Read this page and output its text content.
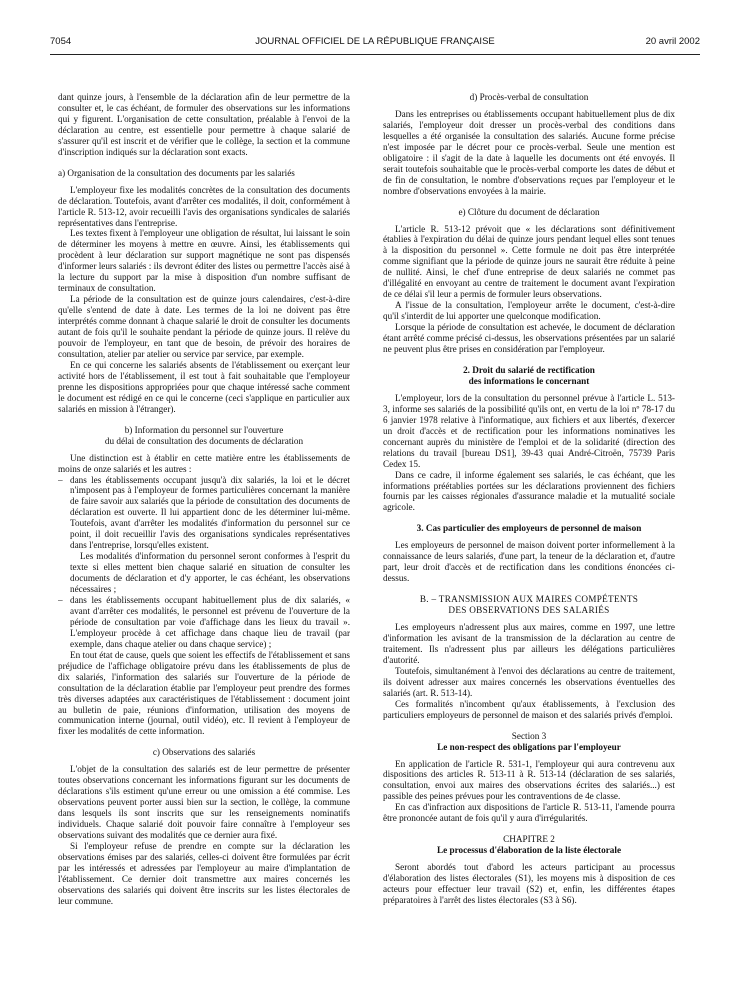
7054	JOURNAL OFFICIEL DE LA RÉPUBLIQUE FRANÇAISE	20 avril 2002

dant quinze jours, à l'ensemble de la déclaration afin de leur permettre de la consulter et, le cas échéant, de formuler des observations sur les informations qui y figurent. L'organisation de cette consultation, préalable à l'envoi de la déclaration au centre, est essentielle pour permettre à chaque salarié de s'assurer qu'il est inscrit et de vérifier que le collège, la section et la commune d'inscription indiqués sur la déclaration sont exacts.

a) Organisation de la consultation des documents par les salariés

L'employeur fixe les modalités concrètes de la consultation des documents de déclaration. Toutefois, avant d'arrêter ces modalités, il doit, conformément à l'article R. 513-12, avoir recueilli l'avis des organisations syndicales de salariés représentatives dans l'entreprise.

Les textes fixent à l'employeur une obligation de résultat, lui laissant le soin de déterminer les moyens à mettre en œuvre. Ainsi, les établissements qui procèdent à leur déclaration sur support magnétique ne sont pas dispensés d'informer leurs salariés : ils devront éditer des listes ou permettre l'accès aisé à la lecture du support par la mise à disposition d'un nombre suffisant de terminaux de consultation.

La période de la consultation est de quinze jours calendaires, c'est-à-dire qu'elle s'entend de date à date. Les termes de la loi ne doivent pas être interprétés comme donnant à chaque salarié le droit de consulter les documents autant de fois qu'il le souhaite pendant la période de quinze jours. Il relève du pouvoir de l'employeur, en tant que de besoin, de prévoir des horaires de consultation, atelier par atelier ou service par service, par exemple.

En ce qui concerne les salariés absents de l'établissement ou exerçant leur activité hors de l'établissement, il est tout à fait souhaitable que l'employeur prenne les dispositions appropriées pour que chaque intéressé sache comment le document est rédigé en ce qui le concerne (ceci s'applique en particulier aux salariés en mission à l'étranger).

b) Information du personnel sur l'ouverture
du délai de consultation des documents de déclaration

Une distinction est à établir en cette matière entre les établissements de moins de onze salariés et les autres :

– dans les établissements occupant jusqu'à dix salariés, la loi et le décret n'imposent pas à l'employeur de formes particulières concernant la manière de faire savoir aux salariés que la période de consultation des documents de déclaration est ouverte. Il lui appartient donc de les déterminer lui-même. Toutefois, avant d'arrêter les modalités d'information du personnel sur ce point, il doit recueillir l'avis des organisations syndicales représentatives dans l'entreprise, lorsqu'elles existent.

Les modalités d'information du personnel seront conformes à l'esprit du texte si elles mettent bien chaque salarié en situation de consulter les documents de déclaration et d'y apporter, le cas échéant, les observations nécessaires ;

– dans les établissements occupant habituellement plus de dix salariés, « avant d'arrêter ces modalités, le personnel est prévenu de l'ouverture de la période de consultation par voie d'affichage dans les lieux du travail ». L'employeur procède à cet affichage dans chaque lieu de travail (par exemple, dans chaque atelier ou dans chaque service) ;

En tout état de cause, quels que soient les effectifs de l'établissement et sans préjudice de l'affichage obligatoire prévu dans les établissements de plus de dix salariés, l'information des salariés sur l'ouverture de la période de consultation de la déclaration établie par l'employeur peut prendre des formes très diverses adaptées aux caractéristiques de l'établissement : document joint au bulletin de paie, réunions d'information, utilisation des moyens de communication interne (journal, outil vidéo), etc. Il revient à l'employeur de fixer les modalités de cette information.

c) Observations des salariés

L'objet de la consultation des salariés est de leur permettre de présenter toutes observations concernant les informations figurant sur les documents de déclarations s'ils estiment qu'une erreur ou une omission a été commise. Les observations peuvent porter aussi bien sur la section, le collège, la commune dans lesquels ils sont inscrits que sur les renseignements nominatifs individuels. Chaque salarié doit pouvoir faire connaître à l'employeur ses observations suivant des modalités que ce dernier aura fixé.

Si l'employeur refuse de prendre en compte sur la déclaration les observations émises par des salariés, celles-ci doivent être formulées par écrit par les intéressés et adressées par l'employeur au maire d'implantation de l'établissement. Ce dernier doit transmettre aux maires concernés les observations des salariés qui doivent être inscrits sur les listes électorales de leur commune.

d) Procès-verbal de consultation

Dans les entreprises ou établissements occupant habituellement plus de dix salariés, l'employeur doit dresser un procès-verbal des conditions dans lesquelles a été organisée la consultation des salariés. Aucune forme précise n'est imposée par le décret pour ce procès-verbal. Seule une mention est obligatoire : il s'agit de la date à laquelle les documents ont été envoyés. Il serait toutefois souhaitable que le procès-verbal comporte les dates de début et de fin de consultation, le nombre d'observations reçues par l'employeur et le nombre d'observations envoyées à la mairie.

e) Clôture du document de déclaration

L'article R. 513-12 prévoit que « les déclarations sont définitivement établies à l'expiration du délai de quinze jours pendant lequel elles sont tenues à la disposition du personnel ». Cette formule ne doit pas être interprétée comme signifiant que la période de quinze jours ne saurait être réduite à peine de nullité. Ainsi, le chef d'une entreprise de deux salariés ne commet pas d'illégalité en envoyant au centre de traitement le document avant l'expiration de ce délai s'il leur a permis de formuler leurs observations.

A l'issue de la consultation, l'employeur arrête le document, c'est-à-dire qu'il s'interdit de lui apporter une quelconque modification.

Lorsque la période de consultation est achevée, le document de déclaration étant arrêté comme précisé ci-dessus, les observations présentées par un salarié ne peuvent plus être prises en considération par l'employeur.

2. Droit du salarié de rectification
des informations le concernant

L'employeur, lors de la consultation du personnel prévue à l'article L. 513-3, informe ses salariés de la possibilité qu'ils ont, en vertu de la loi nº 78-17 du 6 janvier 1978 relative à l'informatique, aux fichiers et aux libertés, d'exercer un droit d'accès et de rectification pour les informations nominatives les concernant auprès du ministère de l'emploi et de la solidarité (direction des relations du travail [bureau DS1], 39-43 quai André-Citroën, 75739 Paris Cedex 15.

Dans ce cadre, il informe également ses salariés, le cas échéant, que les informations préétablies portées sur les déclarations proviennent des fichiers fournis par les caisses régionales d'assurance maladie et la mutualité sociale agricole.

3. Cas particulier des employeurs de personnel de maison

Les employeurs de personnel de maison doivent porter informellement à la connaissance de leurs salariés, d'une part, la teneur de la déclaration et, d'autre part, leur droit d'accès et de rectification dans les conditions énoncées ci-dessus.

B. – TRANSMISSION AUX MAIRES COMPÉTENTS
DES OBSERVATIONS DES SALARIÉS

Les employeurs n'adressent plus aux maires, comme en 1997, une lettre d'information les avisant de la transmission de la déclaration au centre de traitement. Ils n'adressent plus par ailleurs les délégations particulières d'autorité.

Toutefois, simultanément à l'envoi des déclarations au centre de traitement, ils doivent adresser aux maires concernés les observations éventuelles des salariés (art. R. 513-14).

Ces formalités n'incombent qu'aux établissements, à l'exclusion des particuliers employeurs de personnel de maison et des salariés privés d'emploi.

Section 3
Le non-respect des obligations par l'employeur

En application de l'article R. 531-1, l'employeur qui aura contrevenu aux dispositions des articles R. 513-11 à R. 513-14 (déclaration de ses salariés, consultation, envoi aux maires des observations écrites des salariés...) est passible des peines prévues pour les contraventions de 4e classe.

En cas d'infraction aux dispositions de l'article R. 513-11, l'amende pourra être prononcée autant de fois qu'il y aura d'irrégularités.

CHAPITRE 2
Le processus d'élaboration de la liste électorale

Seront abordés tout d'abord les acteurs participant au processus d'élaboration des listes électorales (S1), les moyens mis à disposition de ces acteurs pour effectuer leur travail (S2) et, enfin, les différentes étapes préparatoires à l'arrêt des listes électorales (S3 à S6).
